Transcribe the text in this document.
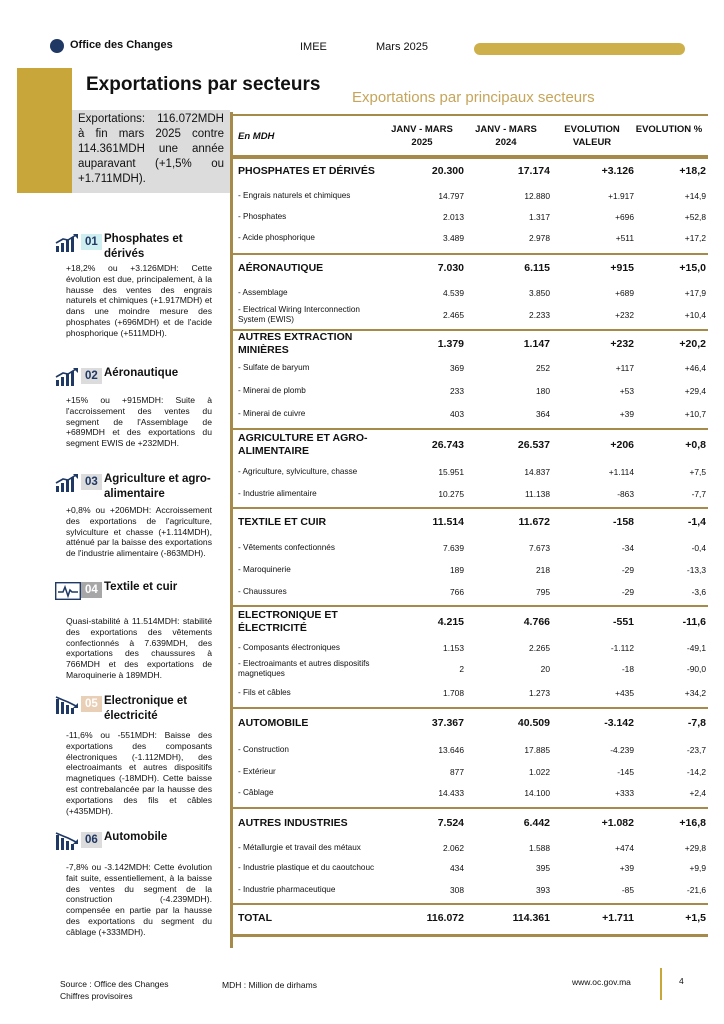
Office des Changes	IMEE	Mars 2025
Exportations par secteurs
Exportations par principaux secteurs
Exportations: 116.072MDH à fin mars 2025 contre 114.361MDH une année auparavant (+1,5% ou +1.711MDH).
01 Phosphates et dérivés
+18,2% ou +3.126MDH: Cette évolution est due, principalement, à la hausse des ventes des engrais naturels et chimiques (+1.917MDH) et dans une moindre mesure des phosphates (+696MDH) et de l'acide phosphorique (+511MDH).
02 Aéronautique
+15% ou +915MDH: Suite à l'accroissement des ventes du segment de l'Assemblage de +689MDH et des exportations du segment EWIS de +232MDH.
03 Agriculture et agro-alimentaire
+0,8% ou +206MDH: Accroissement des exportations de l'agriculture, sylviculture et chasse (+1.114MDH), atténué par la baisse des exportations de l'industrie alimentaire (-863MDH).
04 Textile et cuir
Quasi-stabilité à 11.514MDH: stabilité des exportations des vêtements confectionnés à 7.639MDH, des exportations des chaussures à 766MDH et des exportations de Maroquinerie à 189MDH.
05 Electronique et électricité
-11,6% ou -551MDH: Baisse des exportations des composants électroniques (-1.112MDH), des electroaimants et autres dispositifs magnetiques (-18MDH). Cette baisse est contrebalancée par la hausse des exportations des fils et câbles (+435MDH).
06 Automobile
-7,8% ou -3.142MDH: Cette évolution fait suite, essentiellement, à la baisse des ventes du segment de la construction (-4.239MDH). compensée en partie par la hausse des exportations du segment du câblage (+333MDH).
En MDH
JANV - MARS 2025
JANV - MARS 2024
EVOLUTION VALEUR
EVOLUTION %
PHOSPHATES ET DÉRIVÉS	20.300	17.174	+3.126	+18,2
- Engrais naturels et chimiques	14.797	12.880	+1.917	+14,9
- Phosphates	2.013	1.317	+696	+52,8
- Acide phosphorique	3.489	2.978	+511	+17,2
AÉRONAUTIQUE	7.030	6.115	+915	+15,0
- Assemblage	4.539	3.850	+689	+17,9
- Electrical Wiring Interconnection System (EWIS)	2.465	2.233	+232	+10,4
AUTRES EXTRACTION MINIÈRES	1.379	1.147	+232	+20,2
- Sulfate de baryum	369	252	+117	+46,4
- Minerai de plomb	233	180	+53	+29,4
- Minerai de cuivre	403	364	+39	+10,7
AGRICULTURE ET AGRO-ALIMENTAIRE	26.743	26.537	+206	+0,8
- Agriculture, sylviculture, chasse	15.951	14.837	+1.114	+7,5
- Industrie alimentaire	10.275	11.138	-863	-7,7
TEXTILE ET CUIR	11.514	11.672	-158	-1,4
- Vêtements confectionnés	7.639	7.673	-34	-0,4
- Maroquinerie	189	218	-29	-13,3
- Chaussures	766	795	-29	-3,6
ELECTRONIQUE ET ÉLECTRICITÉ	4.215	4.766	-551	-11,6
- Composants électroniques	1.153	2.265	-1.112	-49,1
- Electroaimants et autres dispositifs magnetiques	2	20	-18	-90,0
- Fils et câbles	1.708	1.273	+435	+34,2
AUTOMOBILE	37.367	40.509	-3.142	-7,8
- Construction	13.646	17.885	-4.239	-23,7
- Extérieur	877	1.022	-145	-14,2
- Câblage	14.433	14.100	+333	+2,4
AUTRES INDUSTRIES	7.524	6.442	+1.082	+16,8
- Métallurgie et travail des métaux	2.062	1.588	+474	+29,8
- Industrie plastique et du caoutchouc	434	395	+39	+9,9
- Industrie pharmaceutique	308	393	-85	-21,6
TOTAL	116.072	114.361	+1.711	+1,5
Source : Office des Changes
Chiffres provisoires
MDH : Million de dirhams	www.oc.gov.ma	4
